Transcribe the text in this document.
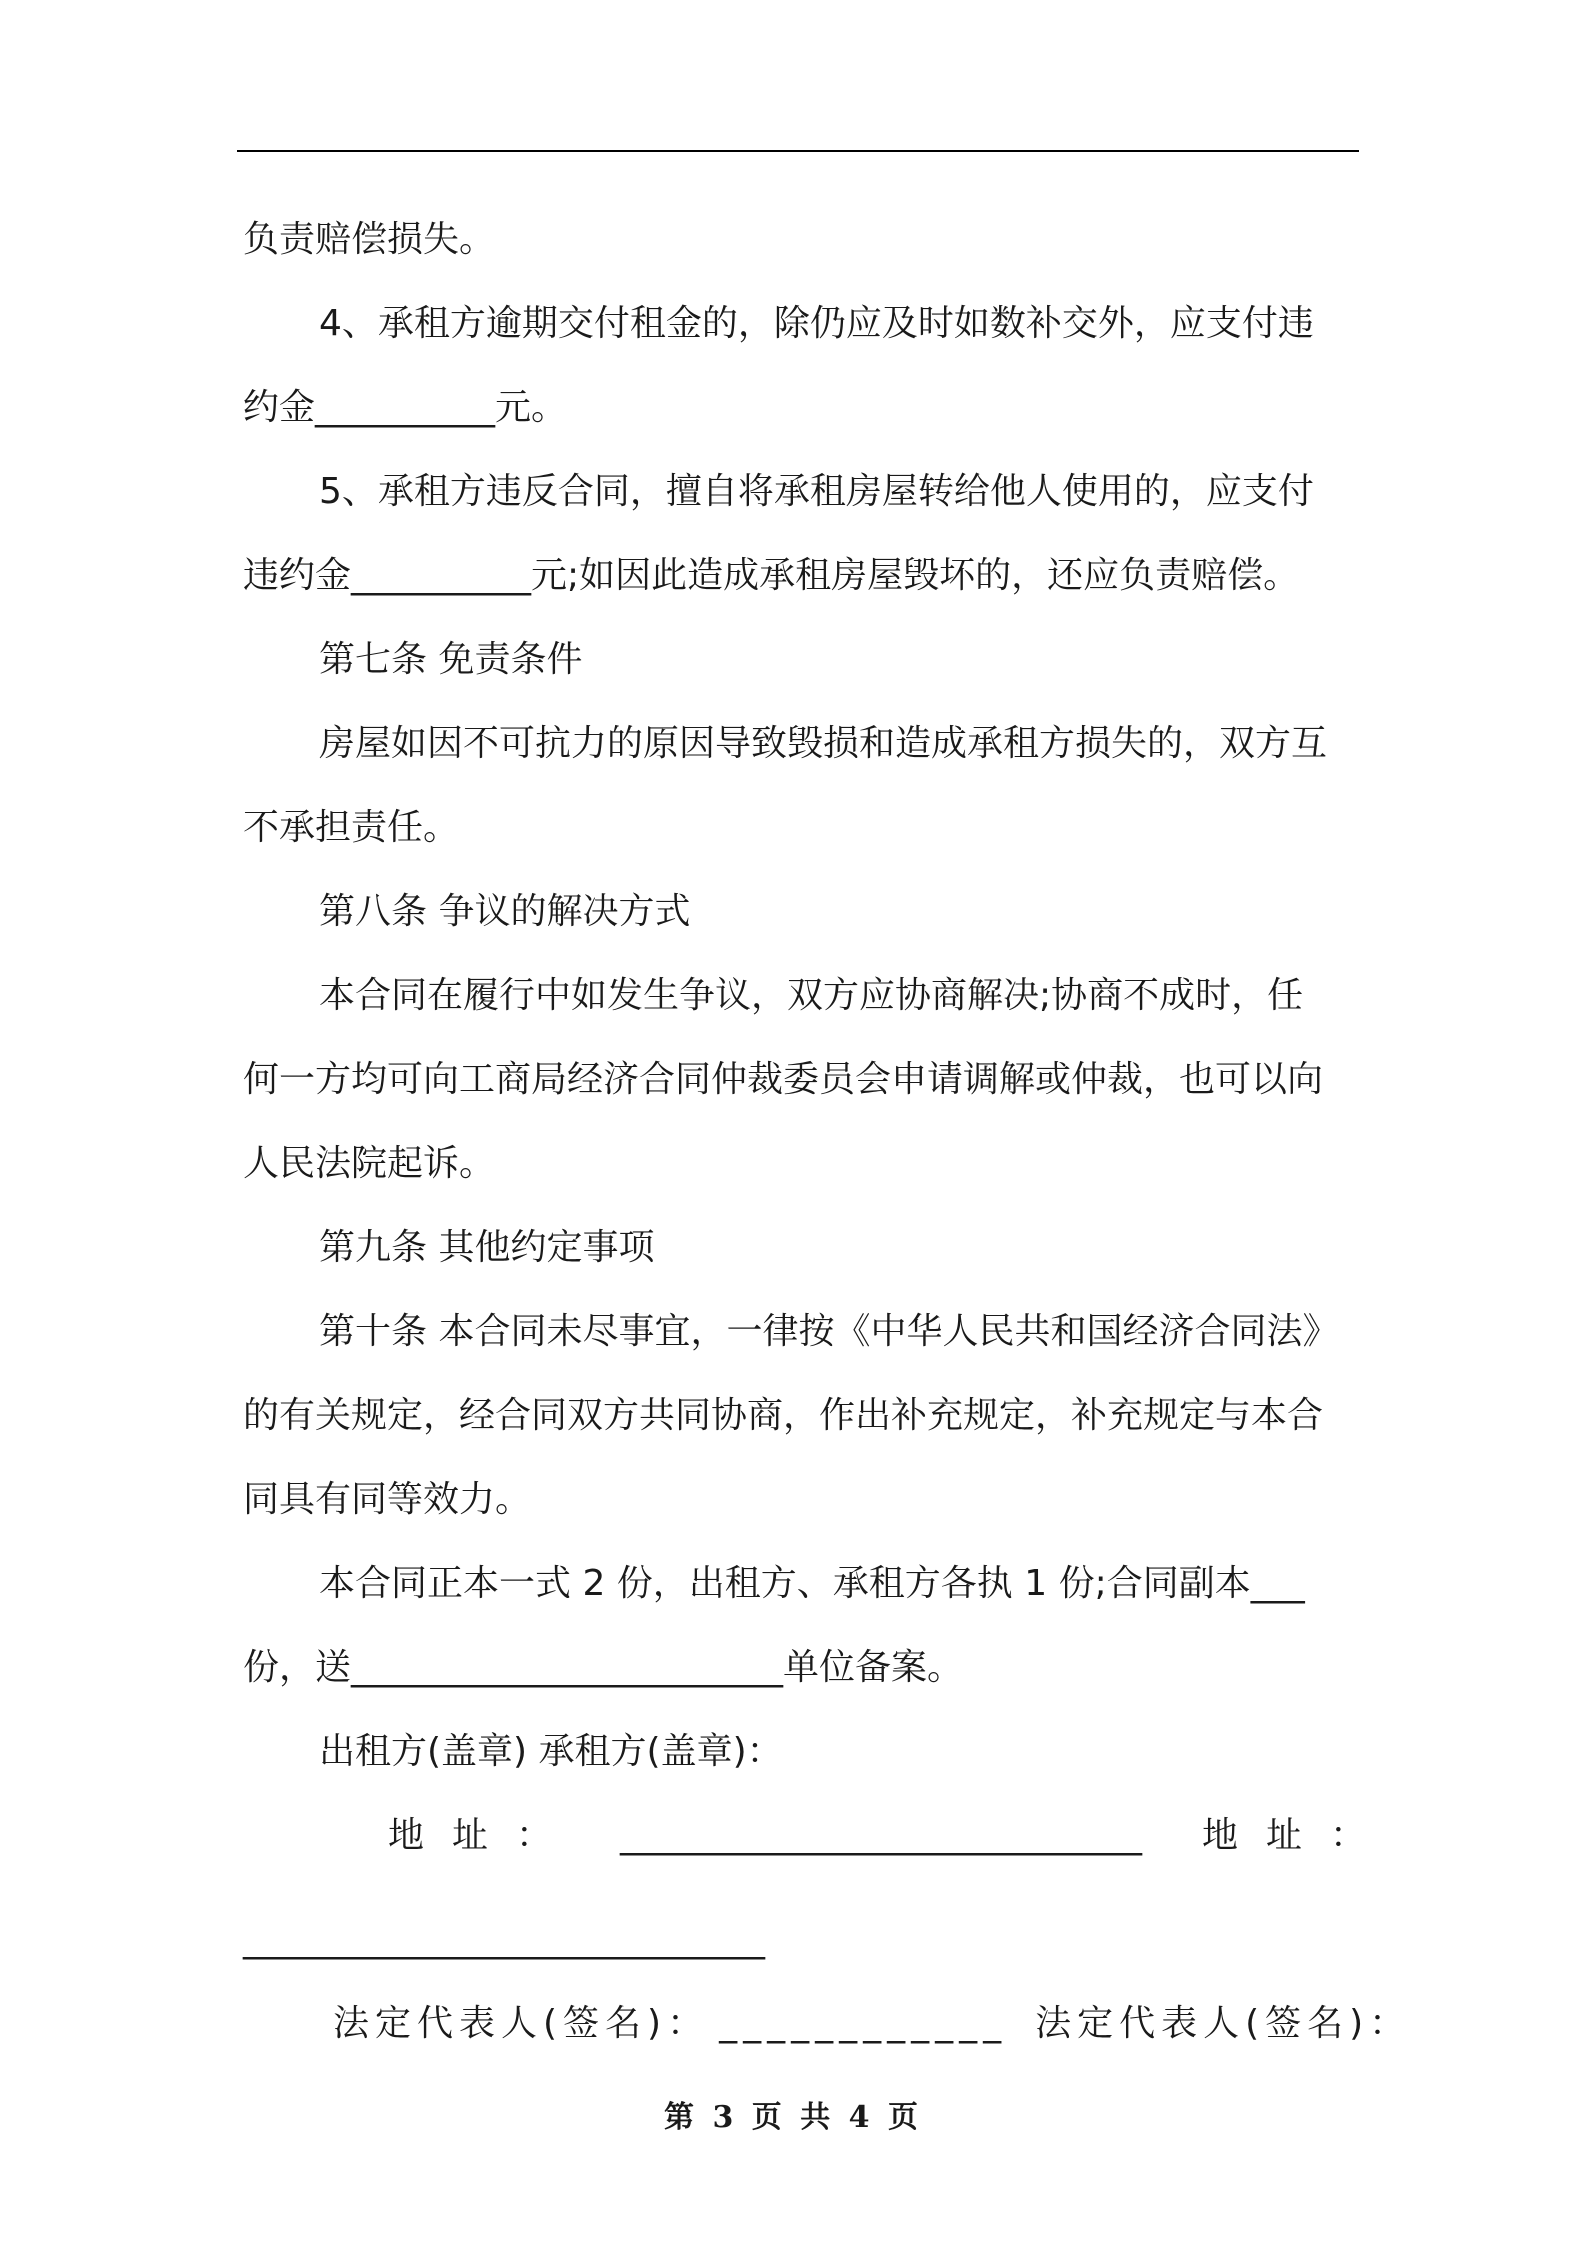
负责赔偿损失。

4、承租方逾期交付租金的，除仍应及时如数补交外，应支付违

约金__________元。

5、承租方违反合同，擅自将承租房屋转给他人使用的，应支付

违约金__________元;如因此造成承租房屋毁坏的，还应负责赔偿。

第七条 免责条件

房屋如因不可抗力的原因导致毁损和造成承租方损失的，双方互

不承担责任。

第八条 争议的解决方式

本合同在履行中如发生争议，双方应协商解决;协商不成时，任

何一方均可向工商局经济合同仲裁委员会申请调解或仲裁，也可以向

人民法院起诉。

第九条 其他约定事项

第十条 本合同未尽事宜，一律按《中华人民共和国经济合同法》

的有关规定，经合同双方共同协商，作出补充规定，补充规定与本合

同具有同等效力。

本合同正本一式 2 份，出租方、承租方各执 1 份;合同副本___

份，送________________________单位备案。

出租方(盖章) 承租方(盖章)：

地址： _____________________________ 地址：

_____________________________

法定代表人(签名)： ____________ 法定代表人(签名)：

第 3 页 共 4 页
